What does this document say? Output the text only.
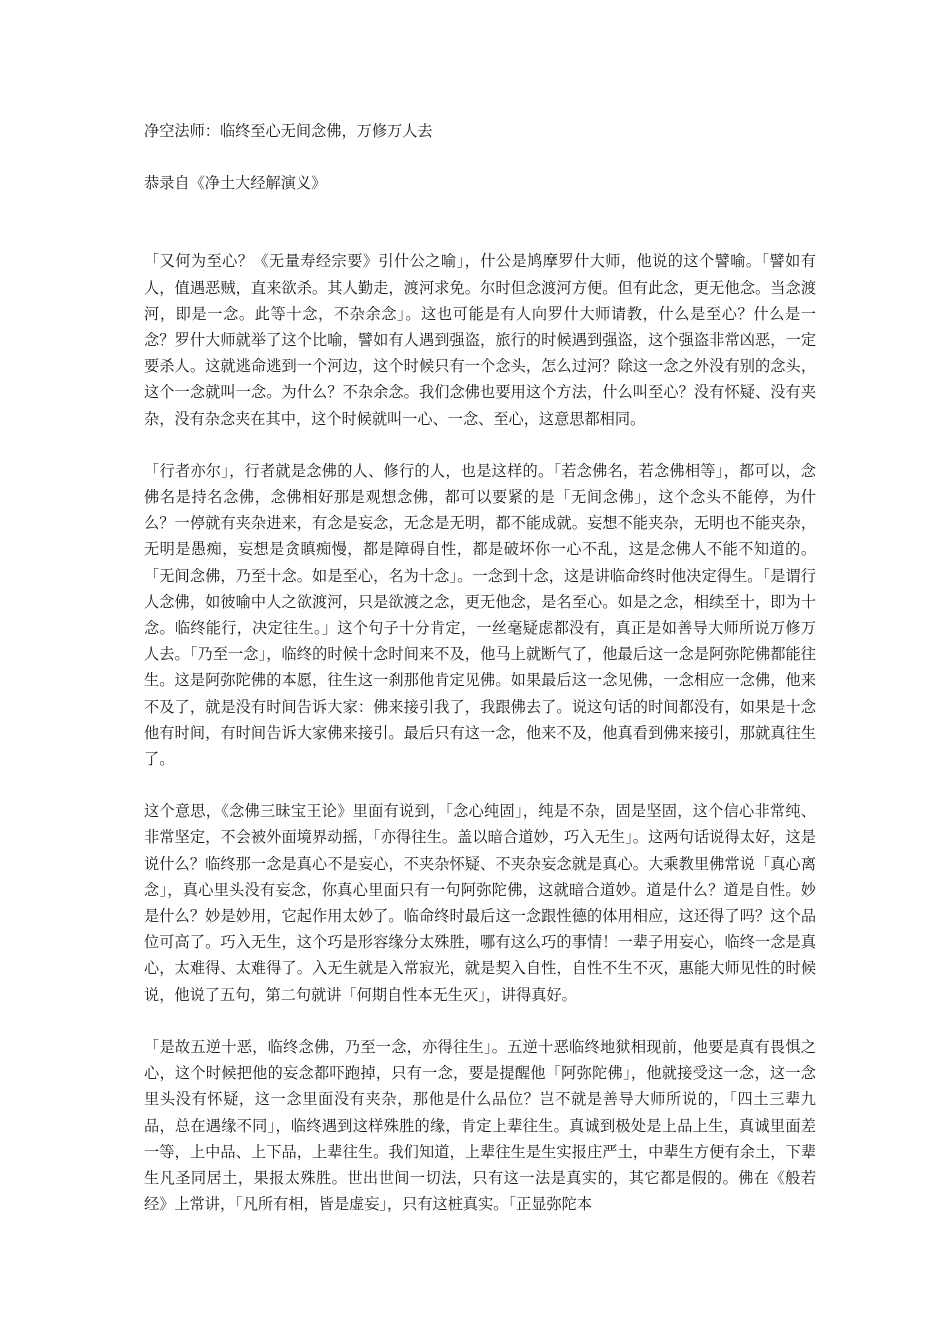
净空法师：临终至心无间念佛，万修万人去

恭录自《净土大经解演义》

「又何为至心？《无量寿经宗要》引什公之喻」，什公是鸠摩罗什大师，他说的这个譬喻。「譬如有人，值遇恶贼，直来欲杀。其人勤走，渡河求免。尔时但念渡河方便。但有此念，更无他念。当念渡河，即是一念。此等十念，不杂余念」。这也可能是有人向罗什大师请教，什么是至心？什么是一念？罗什大师就举了这个比喻，譬如有人遇到强盗，旅行的时候遇到强盗，这个强盗非常凶恶，一定要杀人。这就逃命逃到一个河边，这个时候只有一个念头，怎么过河？除这一念之外没有别的念头，这个一念就叫一念。为什么？不杂余念。我们念佛也要用这个方法，什么叫至心？没有怀疑、没有夹杂，没有杂念夹在其中，这个时候就叫一心、一念、至心，这意思都相同。

「行者亦尔」，行者就是念佛的人、修行的人，也是这样的。「若念佛名，若念佛相等」，都可以，念佛名是持名念佛，念佛相好那是观想念佛，都可以要紧的是「无间念佛」，这个念头不能停，为什么？一停就有夹杂进来，有念是妄念，无念是无明，都不能成就。妄想不能夹杂，无明也不能夹杂，无明是愚痴，妄想是贪瞋痴慢，都是障碍自性，都是破坏你一心不乱，这是念佛人不能不知道的。「无间念佛，乃至十念。如是至心，名为十念」。一念到十念，这是讲临命终时他决定得生。「是谓行人念佛，如彼喻中人之欲渡河，只是欲渡之念，更无他念，是名至心。如是之念，相续至十，即为十念。临终能行，决定往生。」这个句子十分肯定，一丝毫疑虑都没有，真正是如善导大师所说万修万人去。「乃至一念」，临终的时候十念时间来不及，他马上就断气了，他最后这一念是阿弥陀佛都能往生。这是阿弥陀佛的本愿，往生这一刹那他肯定见佛。如果最后这一念见佛，一念相应一念佛，他来不及了，就是没有时间告诉大家：佛来接引我了，我跟佛去了。说这句话的时间都没有，如果是十念他有时间，有时间告诉大家佛来接引。最后只有这一念，他来不及，他真看到佛来接引，那就真往生了。

这个意思，《念佛三昧宝王论》里面有说到，「念心纯固」，纯是不杂，固是坚固，这个信心非常纯、非常坚定，不会被外面境界动摇，「亦得往生。盖以暗合道妙，巧入无生」。这两句话说得太好，这是说什么？临终那一念是真心不是妄心，不夹杂怀疑、不夹杂妄念就是真心。大乘教里佛常说「真心离念」，真心里头没有妄念，你真心里面只有一句阿弥陀佛，这就暗合道妙。道是什么？道是自性。妙是什么？妙是妙用，它起作用太妙了。临命终时最后这一念跟性德的体用相应，这还得了吗？这个品位可高了。巧入无生，这个巧是形容缘分太殊胜，哪有这么巧的事情！一辈子用妄心，临终一念是真心，太难得、太难得了。入无生就是入常寂光，就是契入自性，自性不生不灭，惠能大师见性的时候说，他说了五句，第二句就讲「何期自性本无生灭」，讲得真好。

「是故五逆十恶，临终念佛，乃至一念，亦得往生」。五逆十恶临终地狱相现前，他要是真有畏惧之心，这个时候把他的妄念都吓跑掉，只有一念，要是提醒他「阿弥陀佛」，他就接受这一念，这一念里头没有怀疑，这一念里面没有夹杂，那他是什么品位？岂不就是善导大师所说的，「四土三辈九品，总在遇缘不同」，临终遇到这样殊胜的缘，肯定上辈往生。真诚到极处是上品上生，真诚里面差一等，上中品、上下品，上辈往生。我们知道，上辈往生是生实报庄严土，中辈生方便有余土，下辈生凡圣同居土，果报太殊胜。世出世间一切法，只有这一法是真实的，其它都是假的。佛在《般若经》上常讲，「凡所有相，皆是虚妄」，只有这桩真实。「正显弥陀本
